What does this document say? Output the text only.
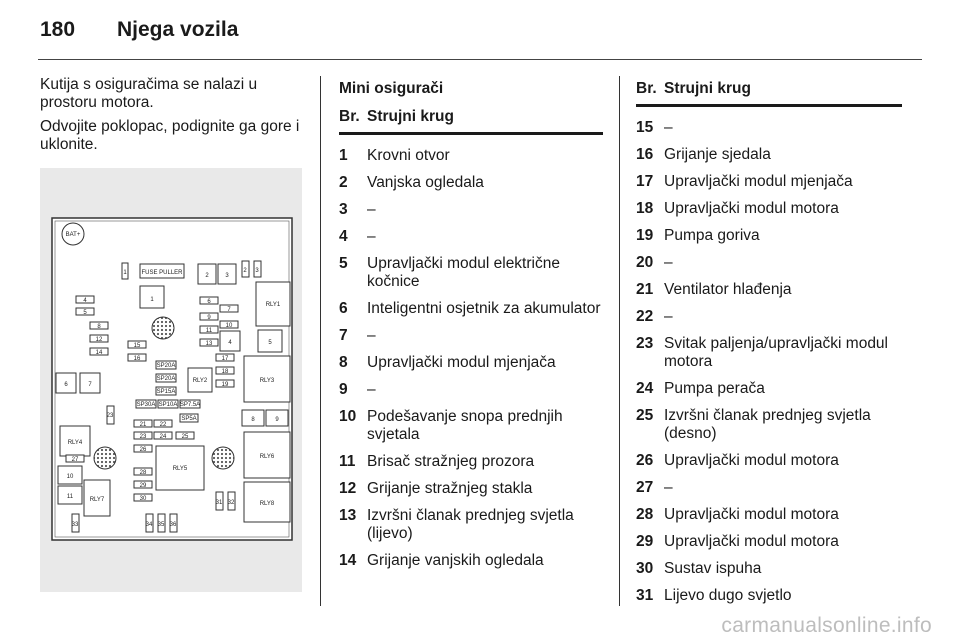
180 Njega vozila

Kutija s osiguračima se nalazi u prostoru motora.

Odvojite poklopac, podignite ga gore i uklonite.

BAT+
1 FUSE PULLER	2	3
2 3
1
4
5
8
12
14
15
16
6
7
9
10
11
13	4
RLY1
5
17
18
19
RLY3
6	7
SP20A
SP20A
SP15A
SP30A SP10A SP7.5A
SP5A
RLY2
23
8	9
21 22
23 24	25
26
RLY4
27
RLY5
RLY6
10
11	RLY7
28
29
30
31 32	RLY8
33	34 35 36
Mini osigurači
Br. Strujni krug
1	Krovni otvor
2	Vanjska ogledala
3	–
4	–
5	Upravljački modul električne kočnice
6	Inteligentni osjetnik za akumulator
7	–
8	Upravljački modul mjenjača
9	–
10 Podešavanje snopa prednjih svjetala
11 Brisač stražnjeg prozora
12 Grijanje stražnjeg stakla
13 Izvršni članak prednjeg svjetla (lijevo)
14 Grijanje vanjskih ogledala
Br. Strujni krug
15 –
16 Grijanje sjedala
17 Upravljački modul mjenjača
18 Upravljački modul motora
19 Pumpa goriva
20 –
21 Ventilator hlađenja
22 –
23 Svitak paljenja/upravljački modul motora
24 Pumpa perača
25 Izvršni članak prednjeg svjetla (desno)
26 Upravljački modul motora
27 –
28 Upravljački modul motora
29 Upravljački modul motora
30 Sustav ispuha
31 Lijevo dugo svjetlo
carmanualsonline.info
